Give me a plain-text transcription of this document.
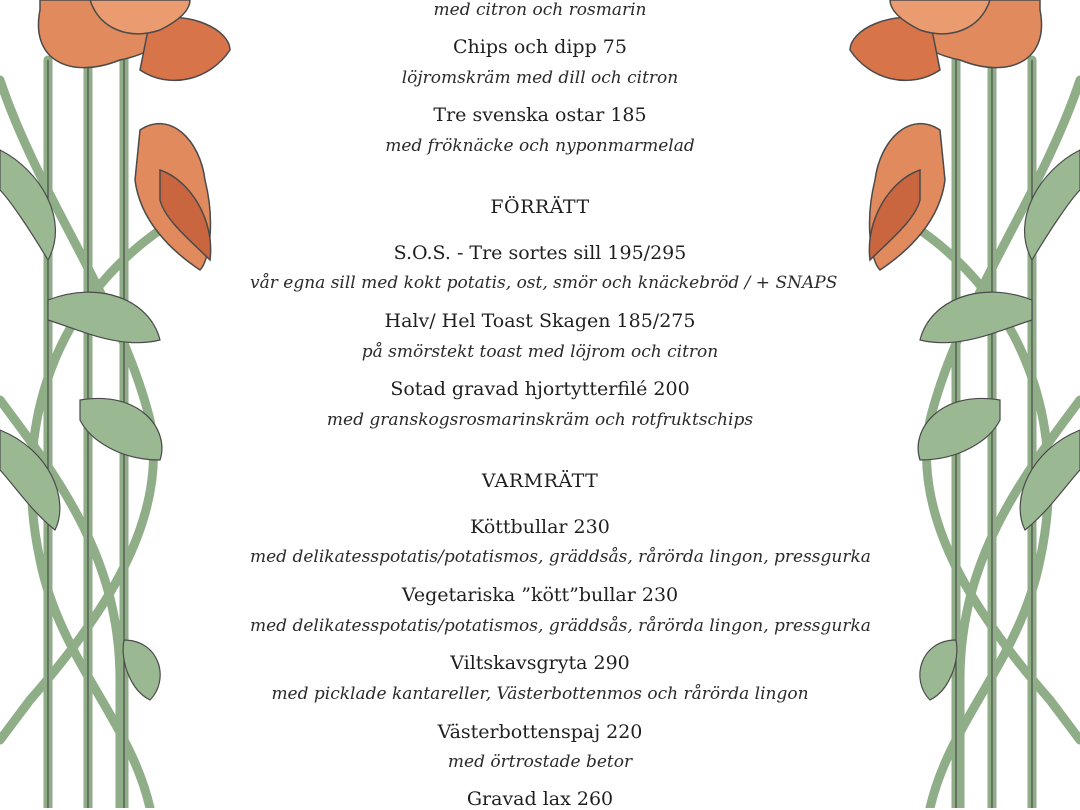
med citron och rosmarin
Chips och dipp 75
löjromskräm med dill och citron
Tre svenska ostar 185
med fröknäcke och nyponmarmelad
FÖRRÄTT
S.O.S. - Tre sortes sill 195/295
vår egna sill med kokt potatis, ost, smör och knäckebröd / + SNAPS
Halv/ Hel Toast Skagen 185/275
på smörstekt toast med löjrom och citron
Sotad gravad hjortytterfilé 200
med granskogsrosmarinskräm och rotfruktschips
VARMRÄTT
Köttbullar 230
med delikatesspotatis/potatismos, gräddsås, rårörda lingon, pressgurka
Vegetariska ”kött”bullar 230
med delikatesspotatis/potatismos, gräddsås, rårörda lingon, pressgurka
Viltskavsgryta 290
med picklade kantareller, Västerbottenmos och rårörda lingon
Västerbottenspaj 220
med örtrostade betor
Gravad lax 260
